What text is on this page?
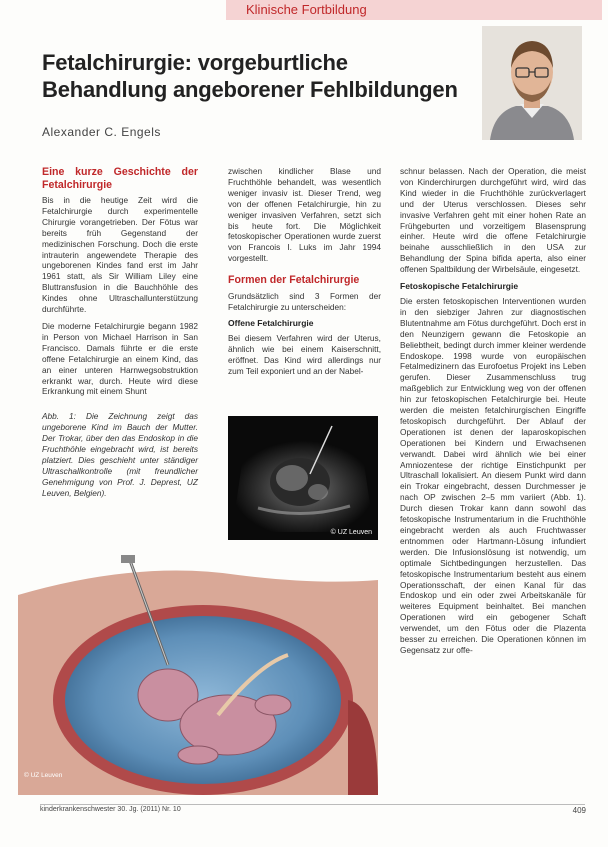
Klinische Fortbildung
Fetalchirurgie: vorgeburtliche
Behandlung angeborener Fehlbildungen
Alexander C. Engels
Eine kurze Geschichte der Fetalchirurgie

Bis in die heutige Zeit wird die Fetalchirurgie durch experimentelle Chirurgie vorangetrieben. Der Fötus war bereits früh Gegenstand der medizinischen Forschung. Doch die erste intrauterin angewendete Therapie des ungeborenen Kindes fand erst im Jahr 1961 statt, als Sir William Liley eine Bluttransfusion in die Bauchhöhle des Kindes ohne Ultraschallunterstützung durchführte.

Die moderne Fetalchirurgie begann 1982 in Person von Michael Harrison in San Francisco. Damals führte er die erste offene Fetalchirurgie an einem Kind, das an einer unteren Harnwegsobstruktion erkrankt war, durch. Heute wird diese Erkrankung mit einem Shunt

Abb. 1: Die Zeichnung zeigt das ungeborene Kind im Bauch der Mutter. Der Trokar, über den das Endoskop in die Fruchthöhle eingebracht wird, ist bereits platziert. Dies geschieht unter ständiger Ultraschallkontrolle (mit freundlicher Genehmigung von Prof. J. Deprest, UZ Leuven, Belgien).

zwischen kindlicher Blase und Fruchthöhle behandelt, was wesentlich weniger invasiv ist. Dieser Trend, weg von der offenen Fetalchirurgie, hin zu weniger invasiven Verfahren, setzt sich bis heute fort. Die Möglichkeit fetoskopischer Operationen wurde zuerst von Francois I. Luks im Jahr 1994 vorgestellt.

Formen der Fetalchirurgie

Grundsätzlich sind 3 Formen der Fetalchirurgie zu unterscheiden:

Offene Fetalchirurgie

Bei diesem Verfahren wird der Uterus, ähnlich wie bei einem Kaiserschnitt, eröffnet. Das Kind wird allerdings nur zum Teil exponiert und an der Nabel-

schnur belassen. Nach der Operation, die meist von Kinderchirurgen durchgeführt wird, wird das Kind wieder in die Fruchthöhle zurückverlagert und der Uterus verschlossen. Dieses sehr invasive Verfahren geht mit einer hohen Rate an Frühgeburten und vorzeitigem Blasensprung einher. Heute wird die offene Fetalchirurgie beinahe ausschließlich in den USA zur Behandlung der Spina bifida aperta, also einer offenen Spaltbildung der Wirbelsäule, eingesetzt.

Fetoskopische Fetalchirurgie

Die ersten fetoskopischen Interventionen wurden in den siebziger Jahren zur diagnostischen Blutentnahme am Fötus durchgeführt. Doch erst in den Neunzigern gewann die Fetoskopie an Beliebtheit, bedingt durch immer kleiner werdende Endoskope. 1998 wurde von europäischen Fetalmedizinern das Eurofoetus Projekt ins Leben gerufen. Dieser Zusammenschluss trug maßgeblich zur Entwicklung weg von der offenen hin zur fetoskopischen Fetalchirurgie bei. Heute werden die meisten fetalchirurgischen Eingriffe fetoskopisch durchgeführt. Der Ablauf der Operationen ist denen der laparoskopischen Operationen bei Kindern und Erwachsenen verwandt. Dabei wird ähnlich wie bei einer Amniozentese der richtige Einstichpunkt per Ultraschall lokalisiert. An diesem Punkt wird dann ein Trokar eingebracht, dessen Durchmesser je nach OP zwischen 2–5 mm variiert (Abb. 1). Durch diesen Trokar kann dann sowohl das fetoskopische Instrumentarium in die Fruchthöhle eingebracht werden als auch Fruchtwasser entnommen oder Hartmann-Lösung infundiert werden. Die Infusionslösung ist notwendig, um optimale Sichtbedingungen herzustellen. Das fetoskopische Instrumentarium besteht aus einem Operationsschaft, der einen Kanal für das Endoskop und ein oder zwei Arbeitskanäle für weiteres Equipment beinhaltet. Bei manchen Operationen wird ein gebogener Schaft verwendet, um den Fötus oder die Plazenta besser zu erreichen. Die Operationen können im Gegensatz zur offe-

© UZ Leuven
© UZ Leuven
kinderkrankenschwester 30. Jg. (2011) Nr. 10	409
